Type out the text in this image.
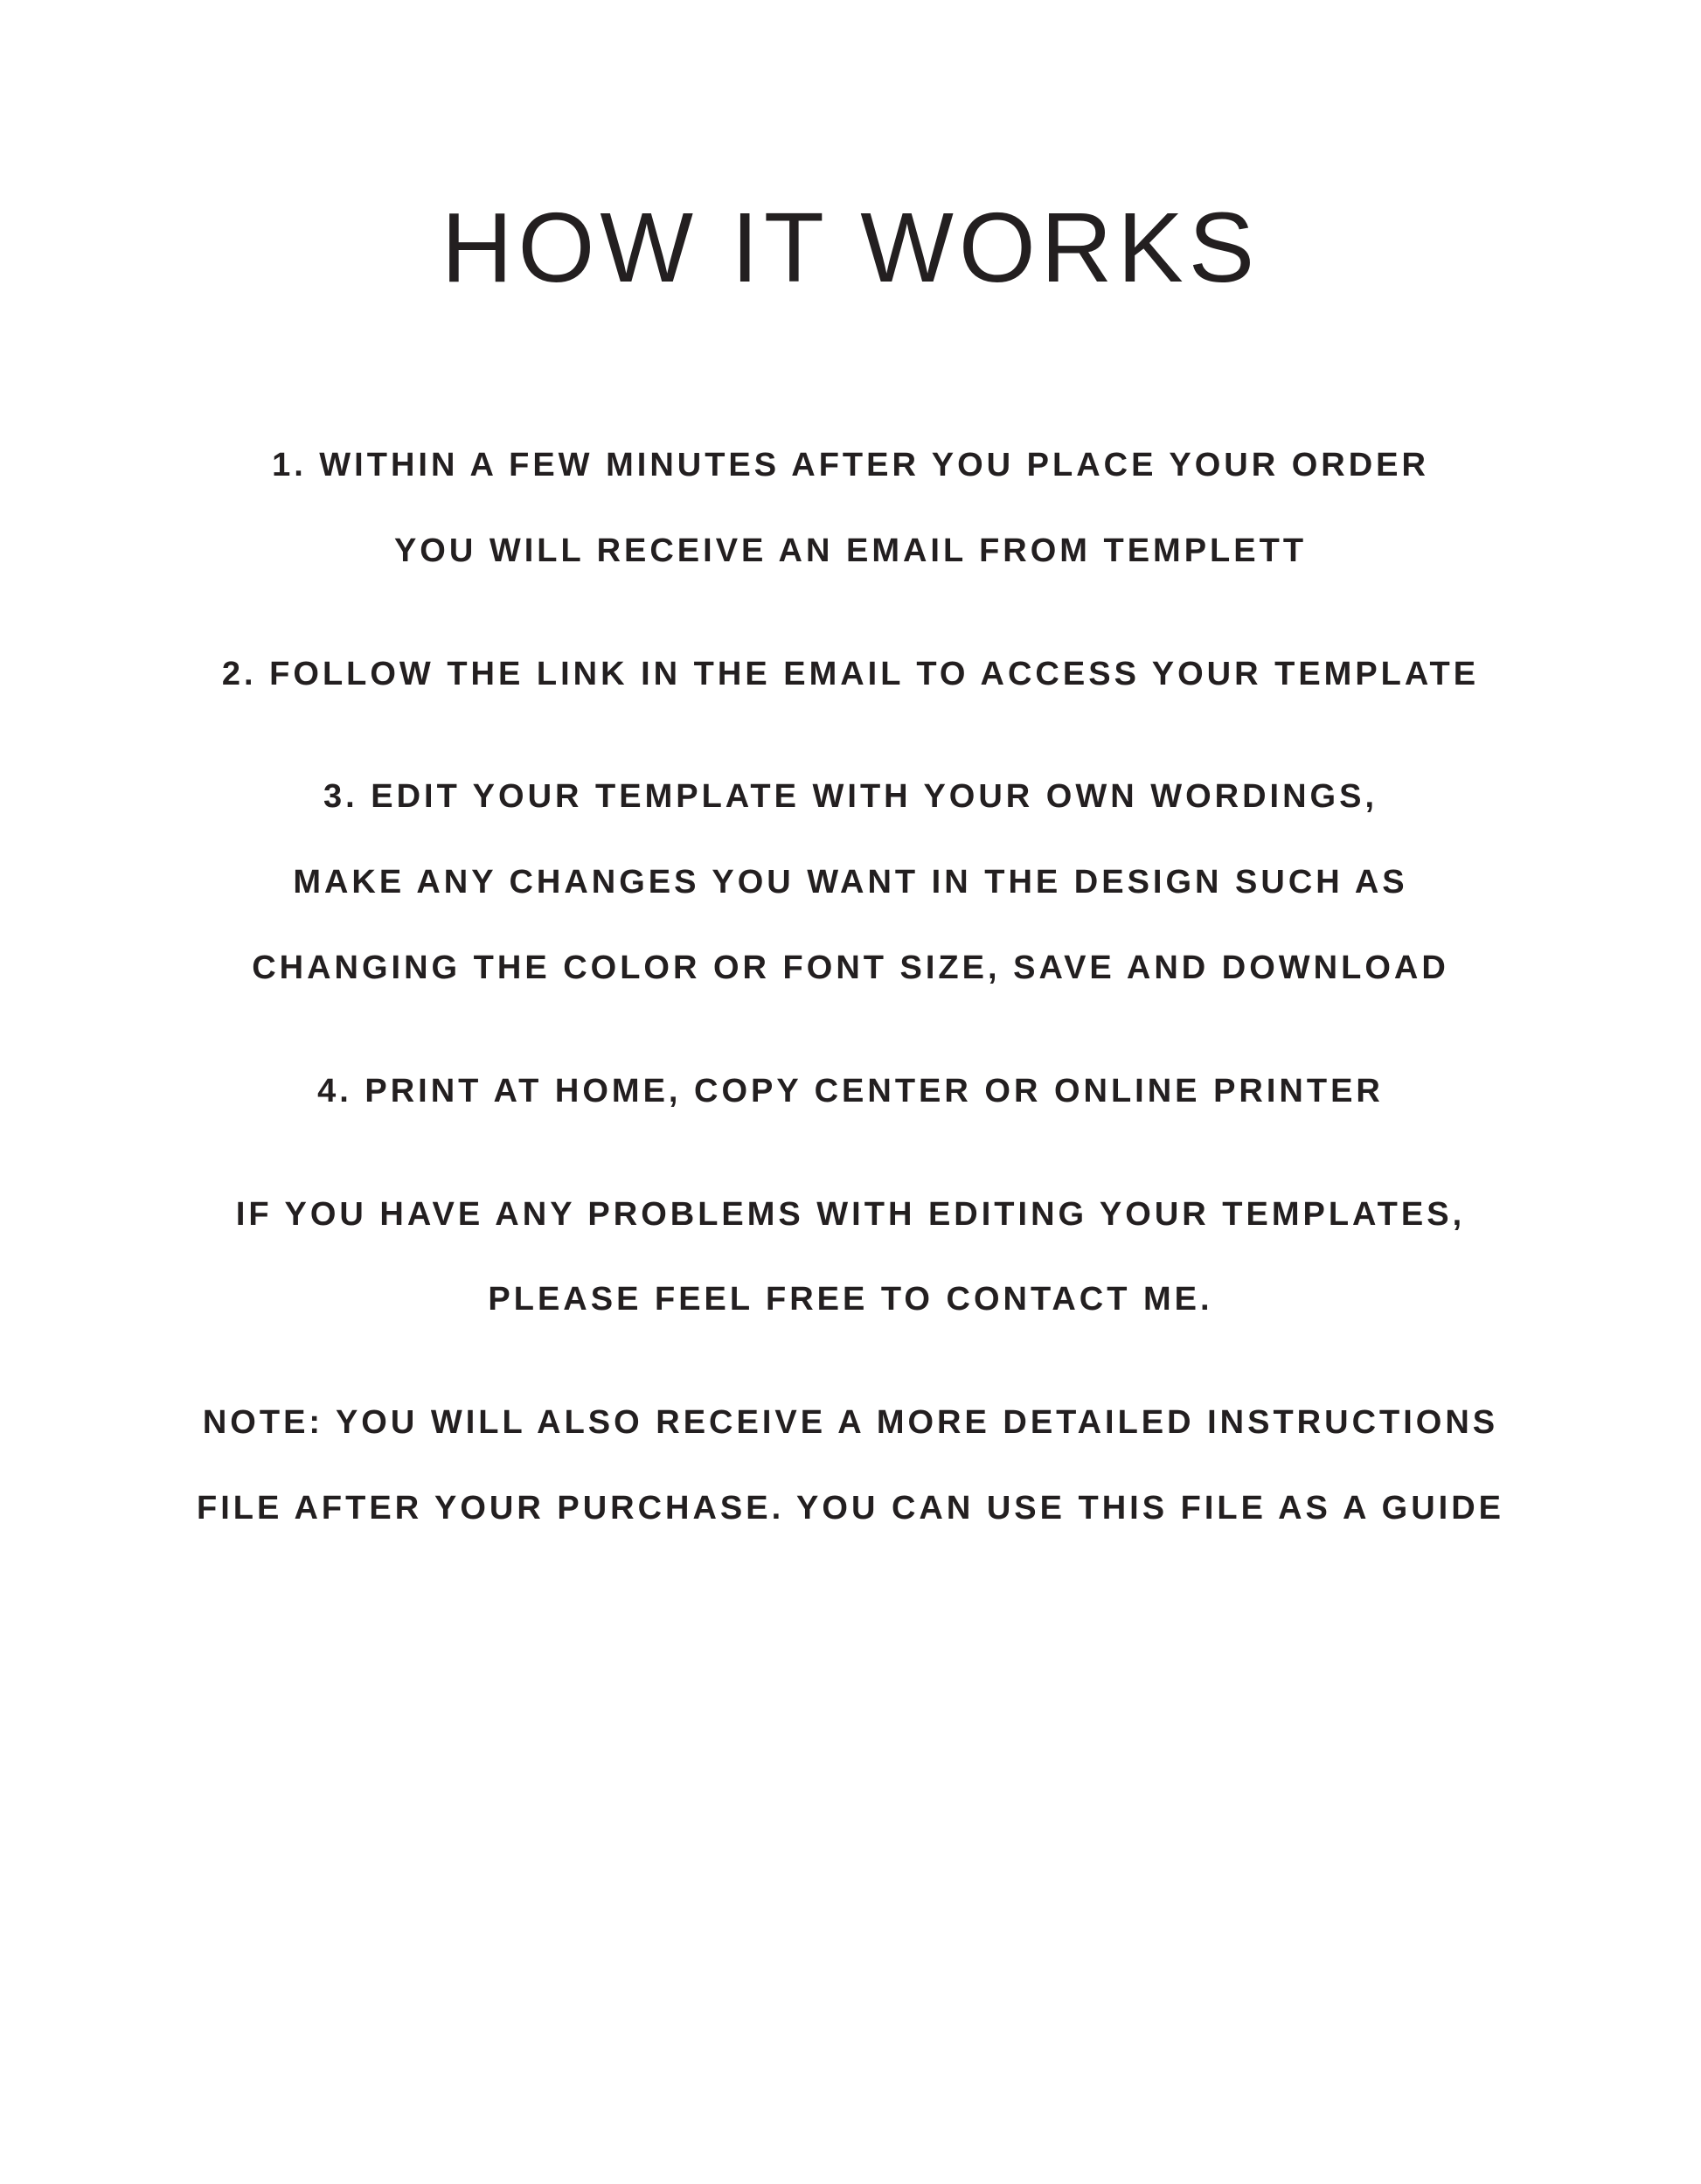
HOW IT WORKS

1. WITHIN A FEW MINUTES AFTER YOU PLACE YOUR ORDER

YOU WILL RECEIVE AN EMAIL FROM TEMPLETT

2. FOLLOW THE LINK IN THE EMAIL TO ACCESS YOUR TEMPLATE

3. EDIT YOUR TEMPLATE WITH YOUR OWN WORDINGS,

MAKE ANY CHANGES YOU WANT IN THE DESIGN SUCH AS

CHANGING THE COLOR OR FONT SIZE, SAVE AND DOWNLOAD

4. PRINT AT HOME, COPY CENTER OR ONLINE PRINTER

IF YOU HAVE ANY PROBLEMS WITH EDITING YOUR TEMPLATES,

PLEASE FEEL FREE TO CONTACT ME.

NOTE: YOU WILL ALSO RECEIVE A MORE DETAILED INSTRUCTIONS

FILE AFTER YOUR PURCHASE. YOU CAN USE THIS FILE AS A GUIDE
